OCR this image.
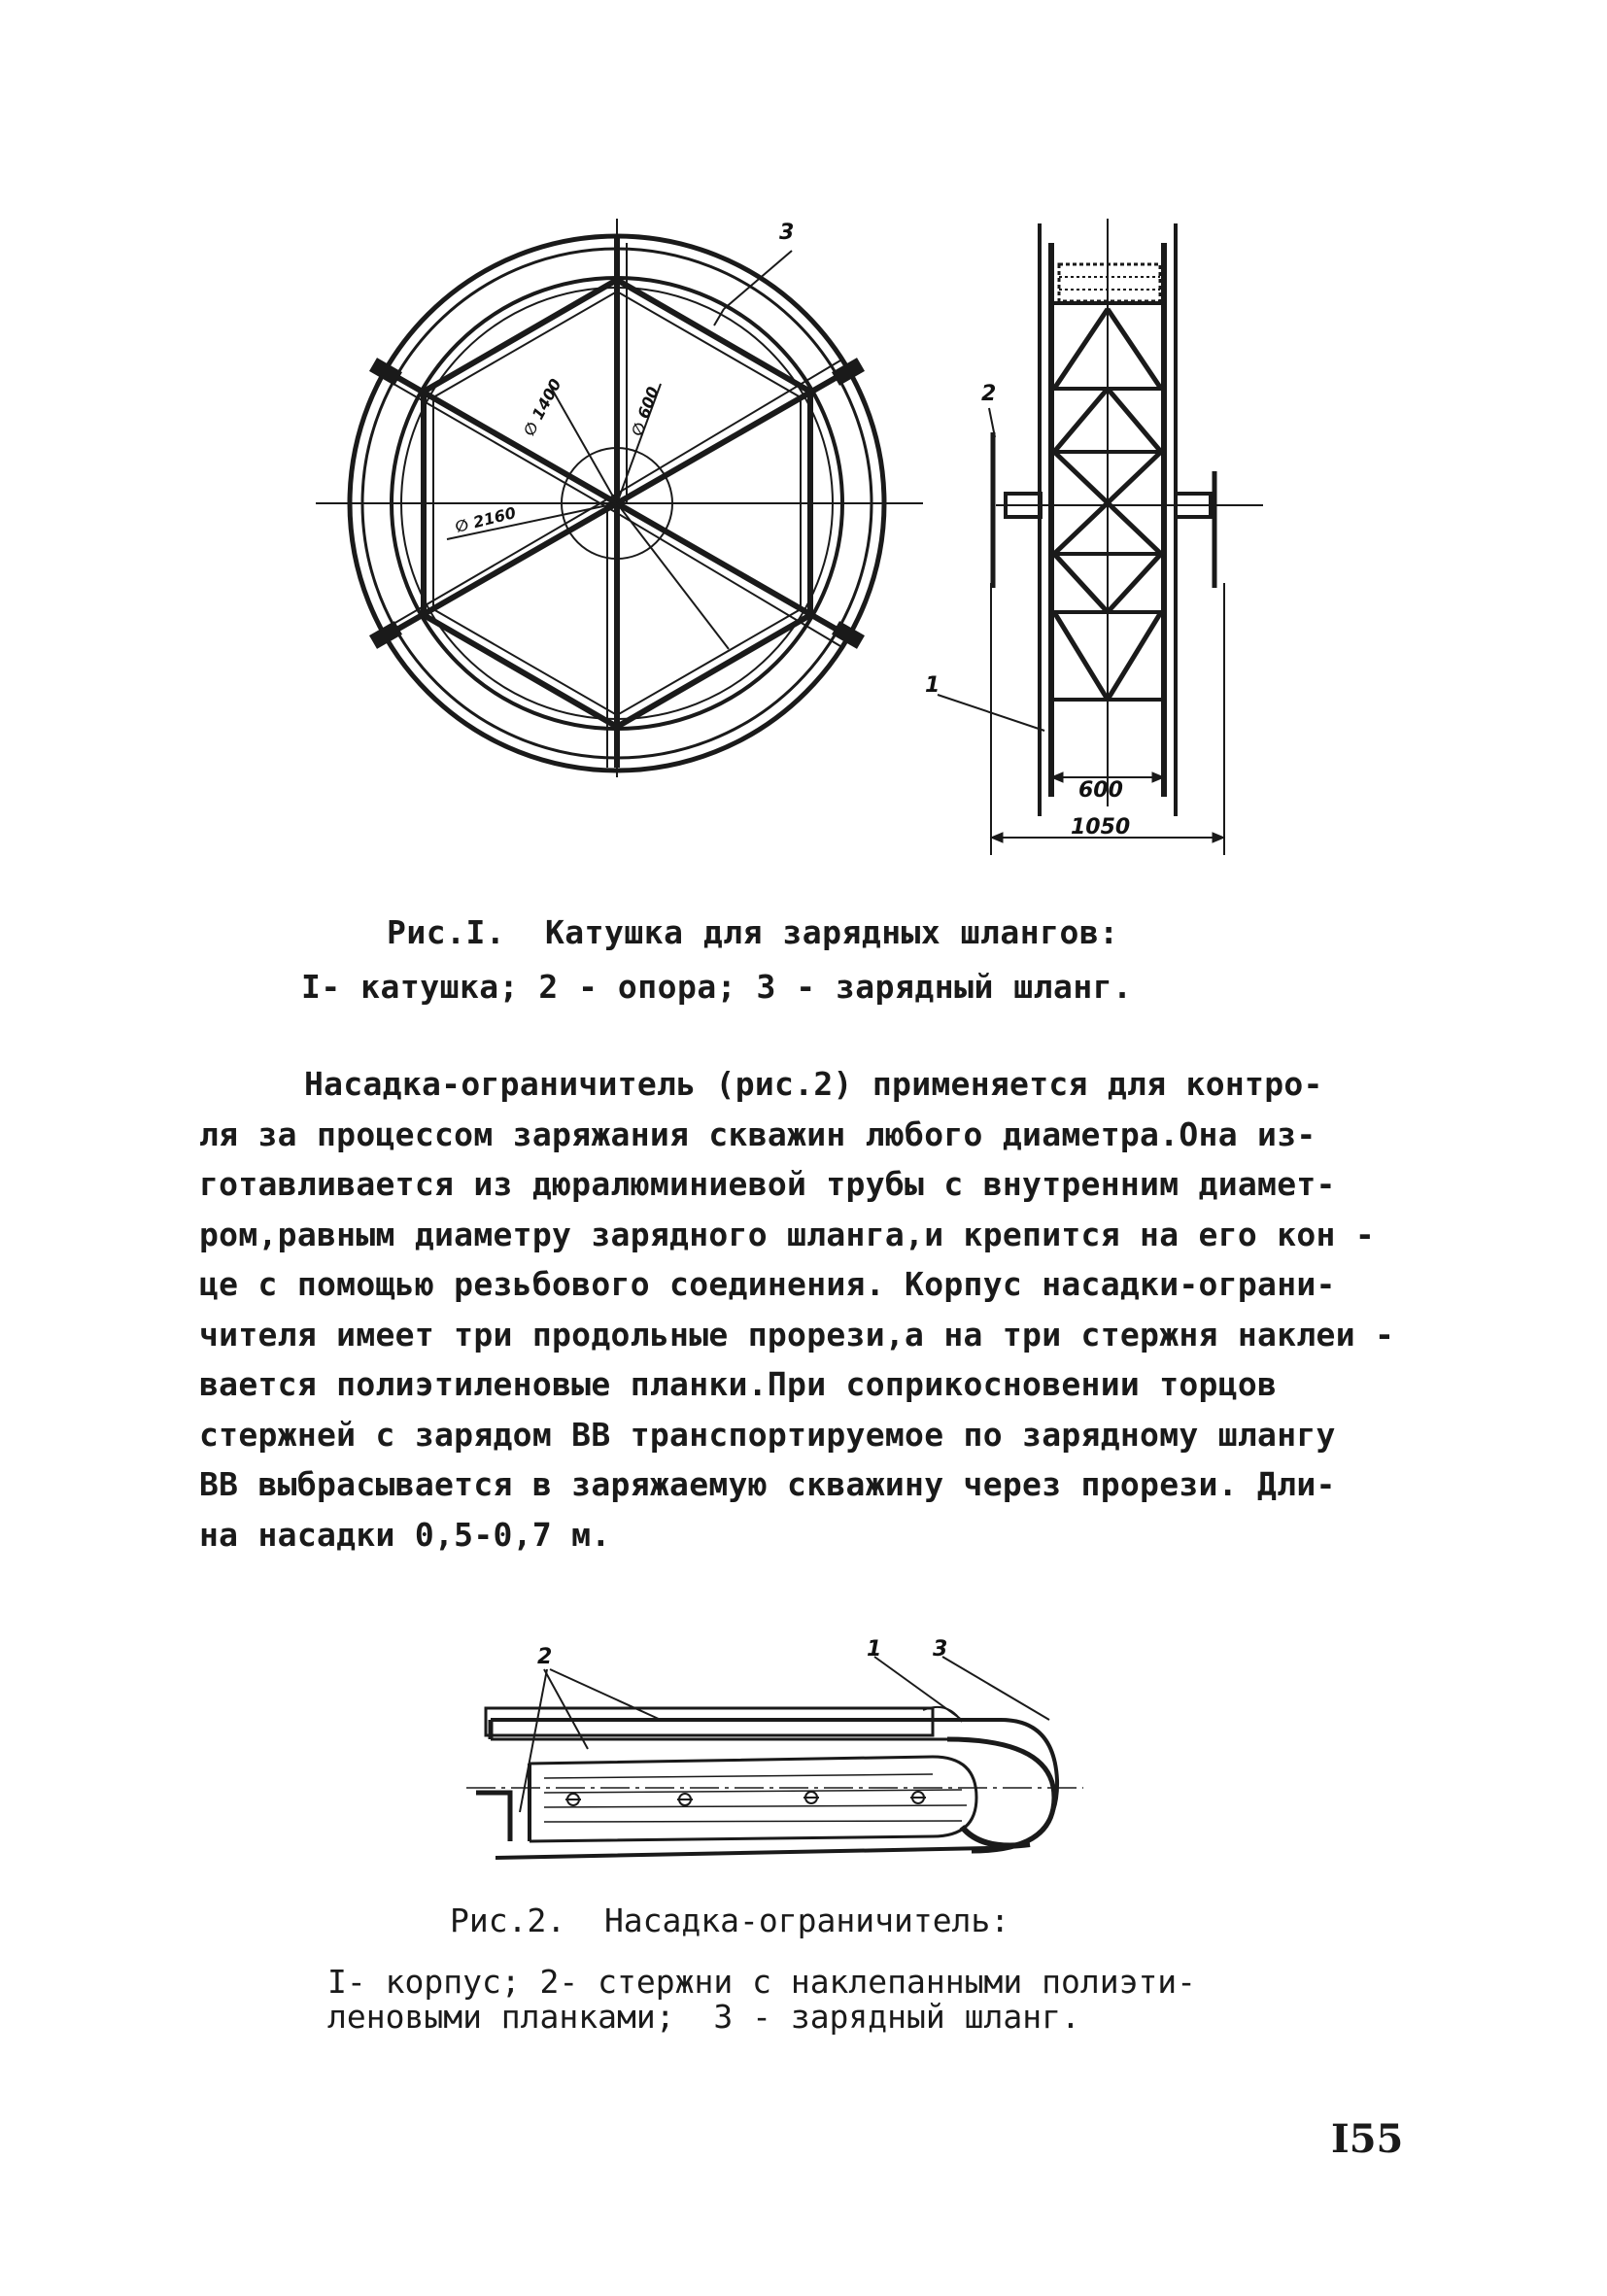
3
∅ 1400	∅ 600
∅ 2160
2
1
600
1050
Рис.I.  Катушка для зарядных шлангов:
I- катушка; 2 - опора; 3 - зарядный шланг.
Насадка-ограничитель (рис.2) применяется для контро-
ля за процессом заряжания скважин любого диаметра.Она из-
готавливается из дюралюминиевой трубы с внутренним диамет-
ром,равным диаметру зарядного шланга,и крепится на его кон -
це с помощью резьбового соединения. Корпус насадки-ограни-
чителя имеет три продольные прорези,а на три стержня наклеи -
вается полиэтиленовые планки.При соприкосновении торцов
стержней с зарядом ВВ транспортируемое по зарядному шлангу
ВВ выбрасывается в заряжаемую скважину через прорези. Дли-
на насадки 0,5-0,7 м.
2	1 3
Рис.2.  Насадка-ограничитель:
I- корпус; 2- стержни с наклепанными полиэти-
леновыми планками;  3 - зарядный шланг.
I55
